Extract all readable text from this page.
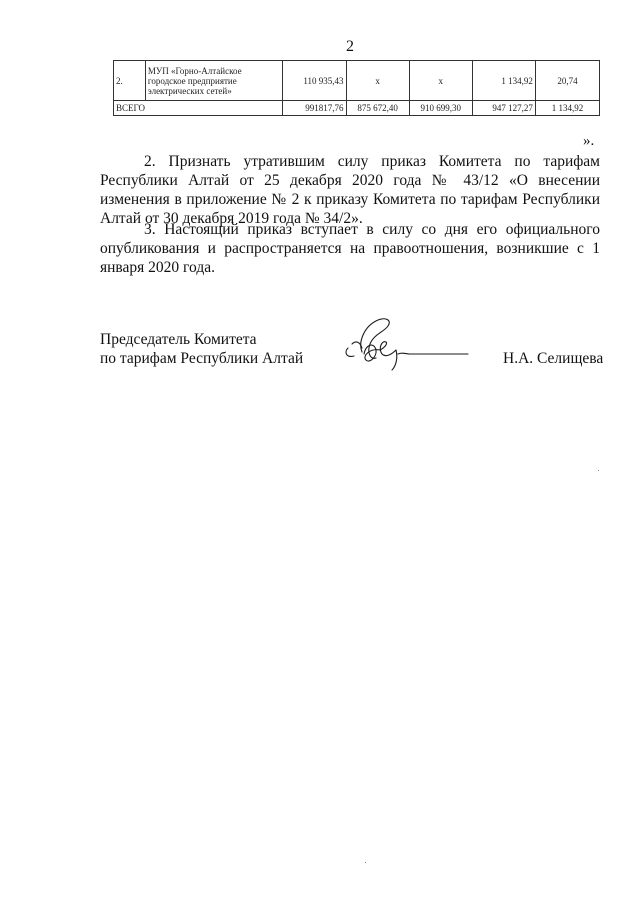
2
2.	МУП «Горно-Алтайское городское предприятие электрических сетей»	110 935,43	x	x	1 134,92	20,74
ВСЕГО		991817,76	875 672,40	910 699,30	947 127,27	1 134,92
».

2. Признать утратившим силу приказ Комитета по тарифам Республики Алтай от 25 декабря 2020 года № 43/12 «О внесении изменения в приложение № 2 к приказу Комитета по тарифам Республики Алтай от 30 декабря 2019 года № 34/2».

3. Настоящий приказ вступает в силу со дня его официального опубликования и распространяется на правоотношения, возникшие с 1 января 2020 года.

Председатель Комитета
по тарифам Республики Алтай	Н.А. Селищева
